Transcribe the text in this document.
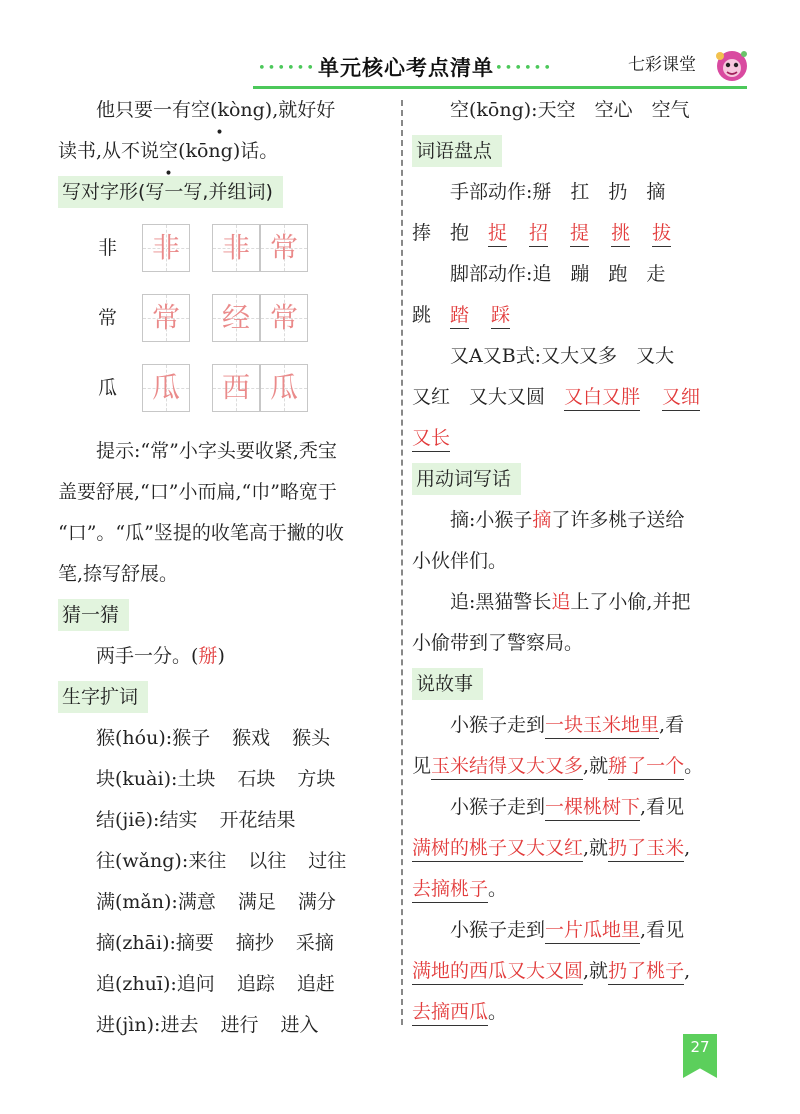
•••••• 单元核心考点清单 ••••••	七彩课堂

他只要一有空(kòng),就好好

读书,从不说空(kōng)话。

写对字形(写一写,并组词)
非	非	非 常
常	常	经 常
瓜	瓜	西 瓜

提示:“常”小字头要收紧,秃宝

盖要舒展,“口”小而扁,“巾”略宽于

“口”。“瓜”竖提的收笔高于撇的收

笔,捺写舒展。

猜一猜

两手一分。(掰)

生字扩词

猴(hóu):猴子 猴戏 猴头

块(kuài):土块 石块 方块

结(jiē):结实 开花结果

往(wǎng):来往 以往 过往

满(mǎn):满意 满足 满分

摘(zhāi):摘要 摘抄 采摘

追(zhuī):追问 追踪 追赶

进(jìn):进去 进行 进入

空(kōng):天空　空心　空气

词语盘点

手部动作:掰　扛　扔　摘

捧　抱　捉 招 提 挑 拔

脚部动作:追　蹦　跑　走

跳　踏 踩

又A又B式:又大又多　又大

又红　又大又圆　又白又胖 又细

又长

用动词写话

摘:小猴子摘了许多桃子送给

小伙伴们。

追:黑猫警长追上了小偷,并把

小偷带到了警察局。

说故事

小猴子走到一块玉米地里,看

见玉米结得又大又多,就掰了一个。

小猴子走到一棵桃树下,看见

满树的桃子又大又红,就扔了玉米,

去摘桃子。

小猴子走到一片瓜地里,看见

满地的西瓜又大又圆,就扔了桃子,

去摘西瓜。

27
